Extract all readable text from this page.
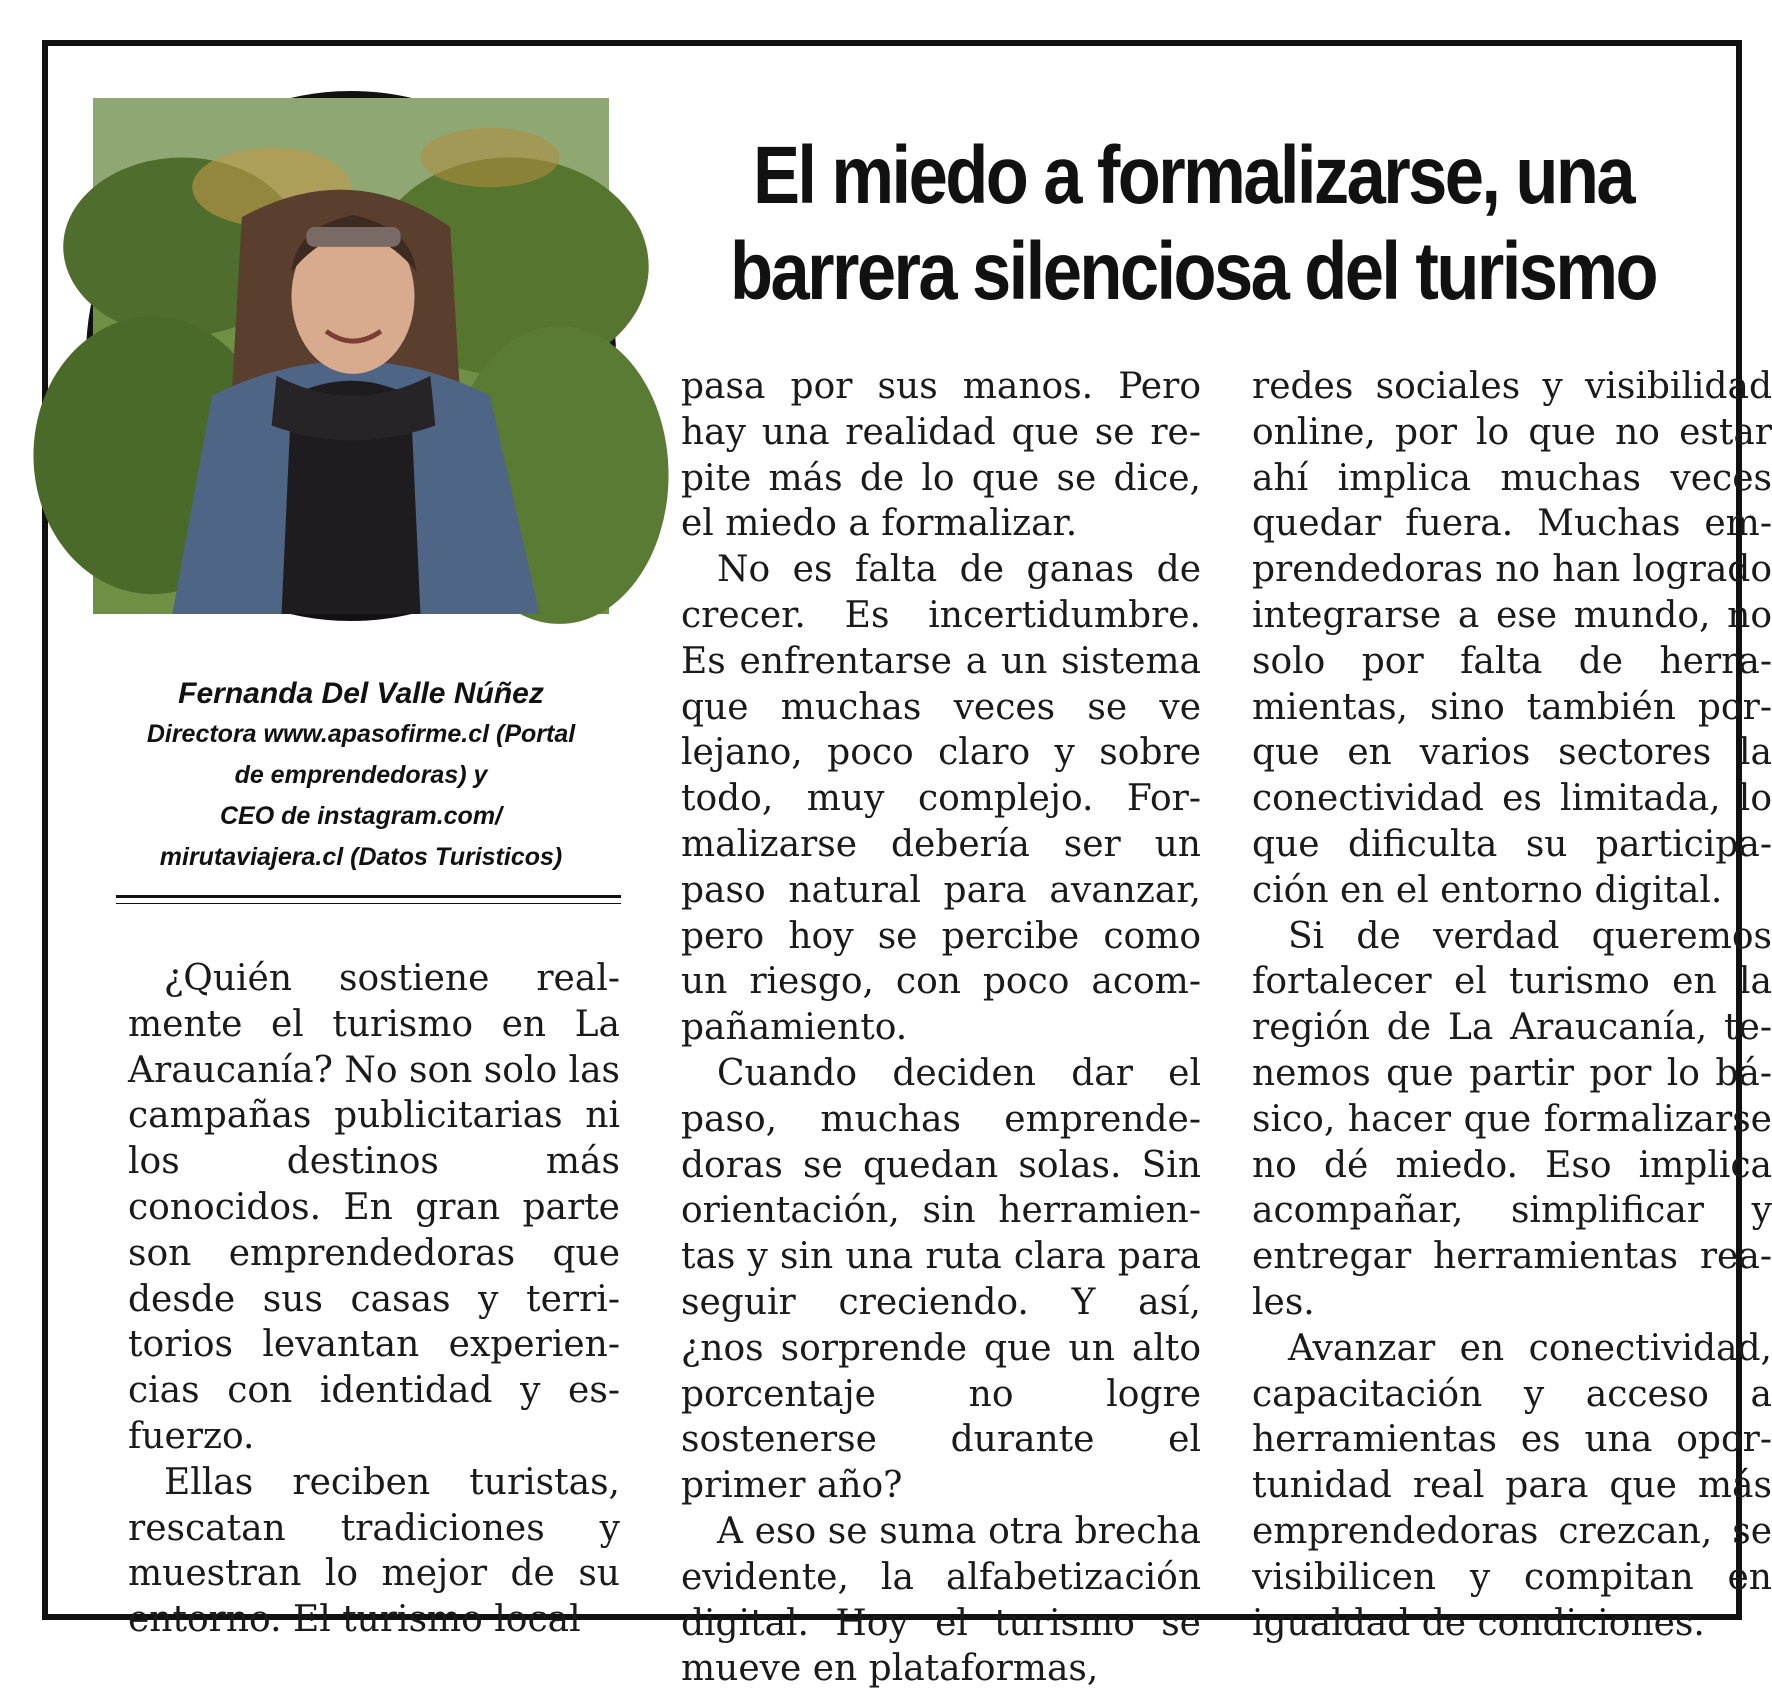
El miedo a formalizarse, una barrera silenciosa del turismo
Fernanda Del Valle Núñez
Directora www.apasofirme.cl (Portal
de emprendedoras) y
CEO de instagram.com/
mirutaviajera.cl (Datos Turisticos)

¿Quién sostiene realmente el turismo en La Araucanía? No son solo las campañas publicitarias ni los destinos más conocidos. En gran parte son emprendedoras que desde sus casas y territorios levantan experiencias con identidad y esfuerzo.

Ellas reciben turistas, rescatan tradiciones y muestran lo mejor de su entorno. El turismo local

pasa por sus manos. Pero hay una realidad que se repite más de lo que se dice, el miedo a formalizar.

No es falta de ganas de crecer. Es incertidumbre. Es enfrentarse a un sistema que muchas veces se ve lejano, poco claro y sobre todo, muy complejo. Formalizarse debería ser un paso natural para avanzar, pero hoy se percibe como un riesgo, con poco acompañamiento.

Cuando deciden dar el paso, muchas emprendedoras se quedan solas. Sin orientación, sin herramientas y sin una ruta clara para seguir creciendo. Y así, ¿nos sorprende que un alto porcentaje no logre sostenerse durante el primer año?

A eso se suma otra brecha evidente, la alfabetización digital. Hoy el turismo se mueve en plataformas,

redes sociales y visibilidad online, por lo que no estar ahí implica muchas veces quedar fuera. Muchas emprendedoras no han logrado integrarse a ese mundo, no solo por falta de herramientas, sino también porque en varios sectores la conectividad es limitada, lo que dificulta su participación en el entorno digital.

Si de verdad queremos fortalecer el turismo en la región de La Araucanía, tenemos que partir por lo básico, hacer que formalizarse no dé miedo. Eso implica acompañar, simplificar y entregar herramientas reales.

Avanzar en conectividad, capacitación y acceso a herramientas es una oportunidad real para que más emprendedoras crezcan, se visibilicen y compitan en igualdad de condiciones.
